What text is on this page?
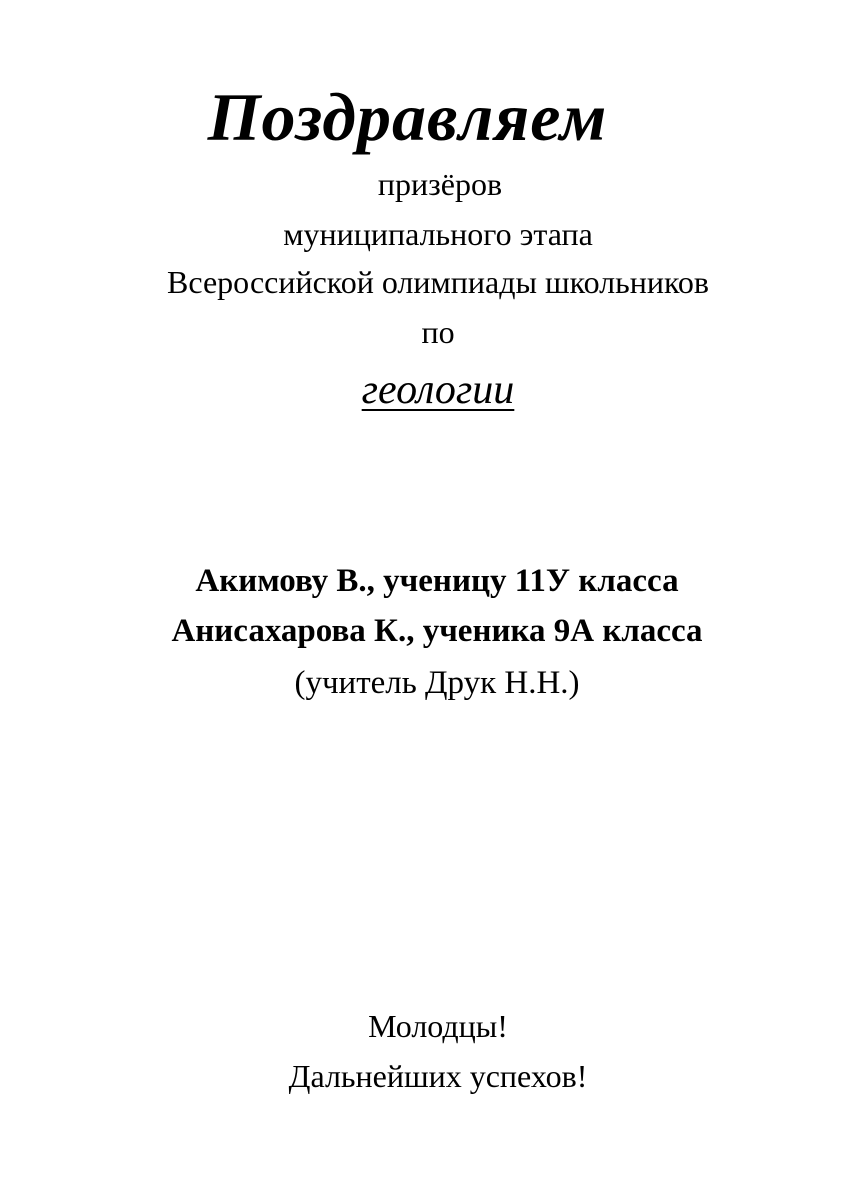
Поздравляем
призёров
муниципального этапа
Всероссийской олимпиады школьников
по
геологии
Акимову В., ученицу 11У класса
Анисахарова К., ученика 9А класса
(учитель Друк Н.Н.)
Молодцы!
Дальнейших успехов!
